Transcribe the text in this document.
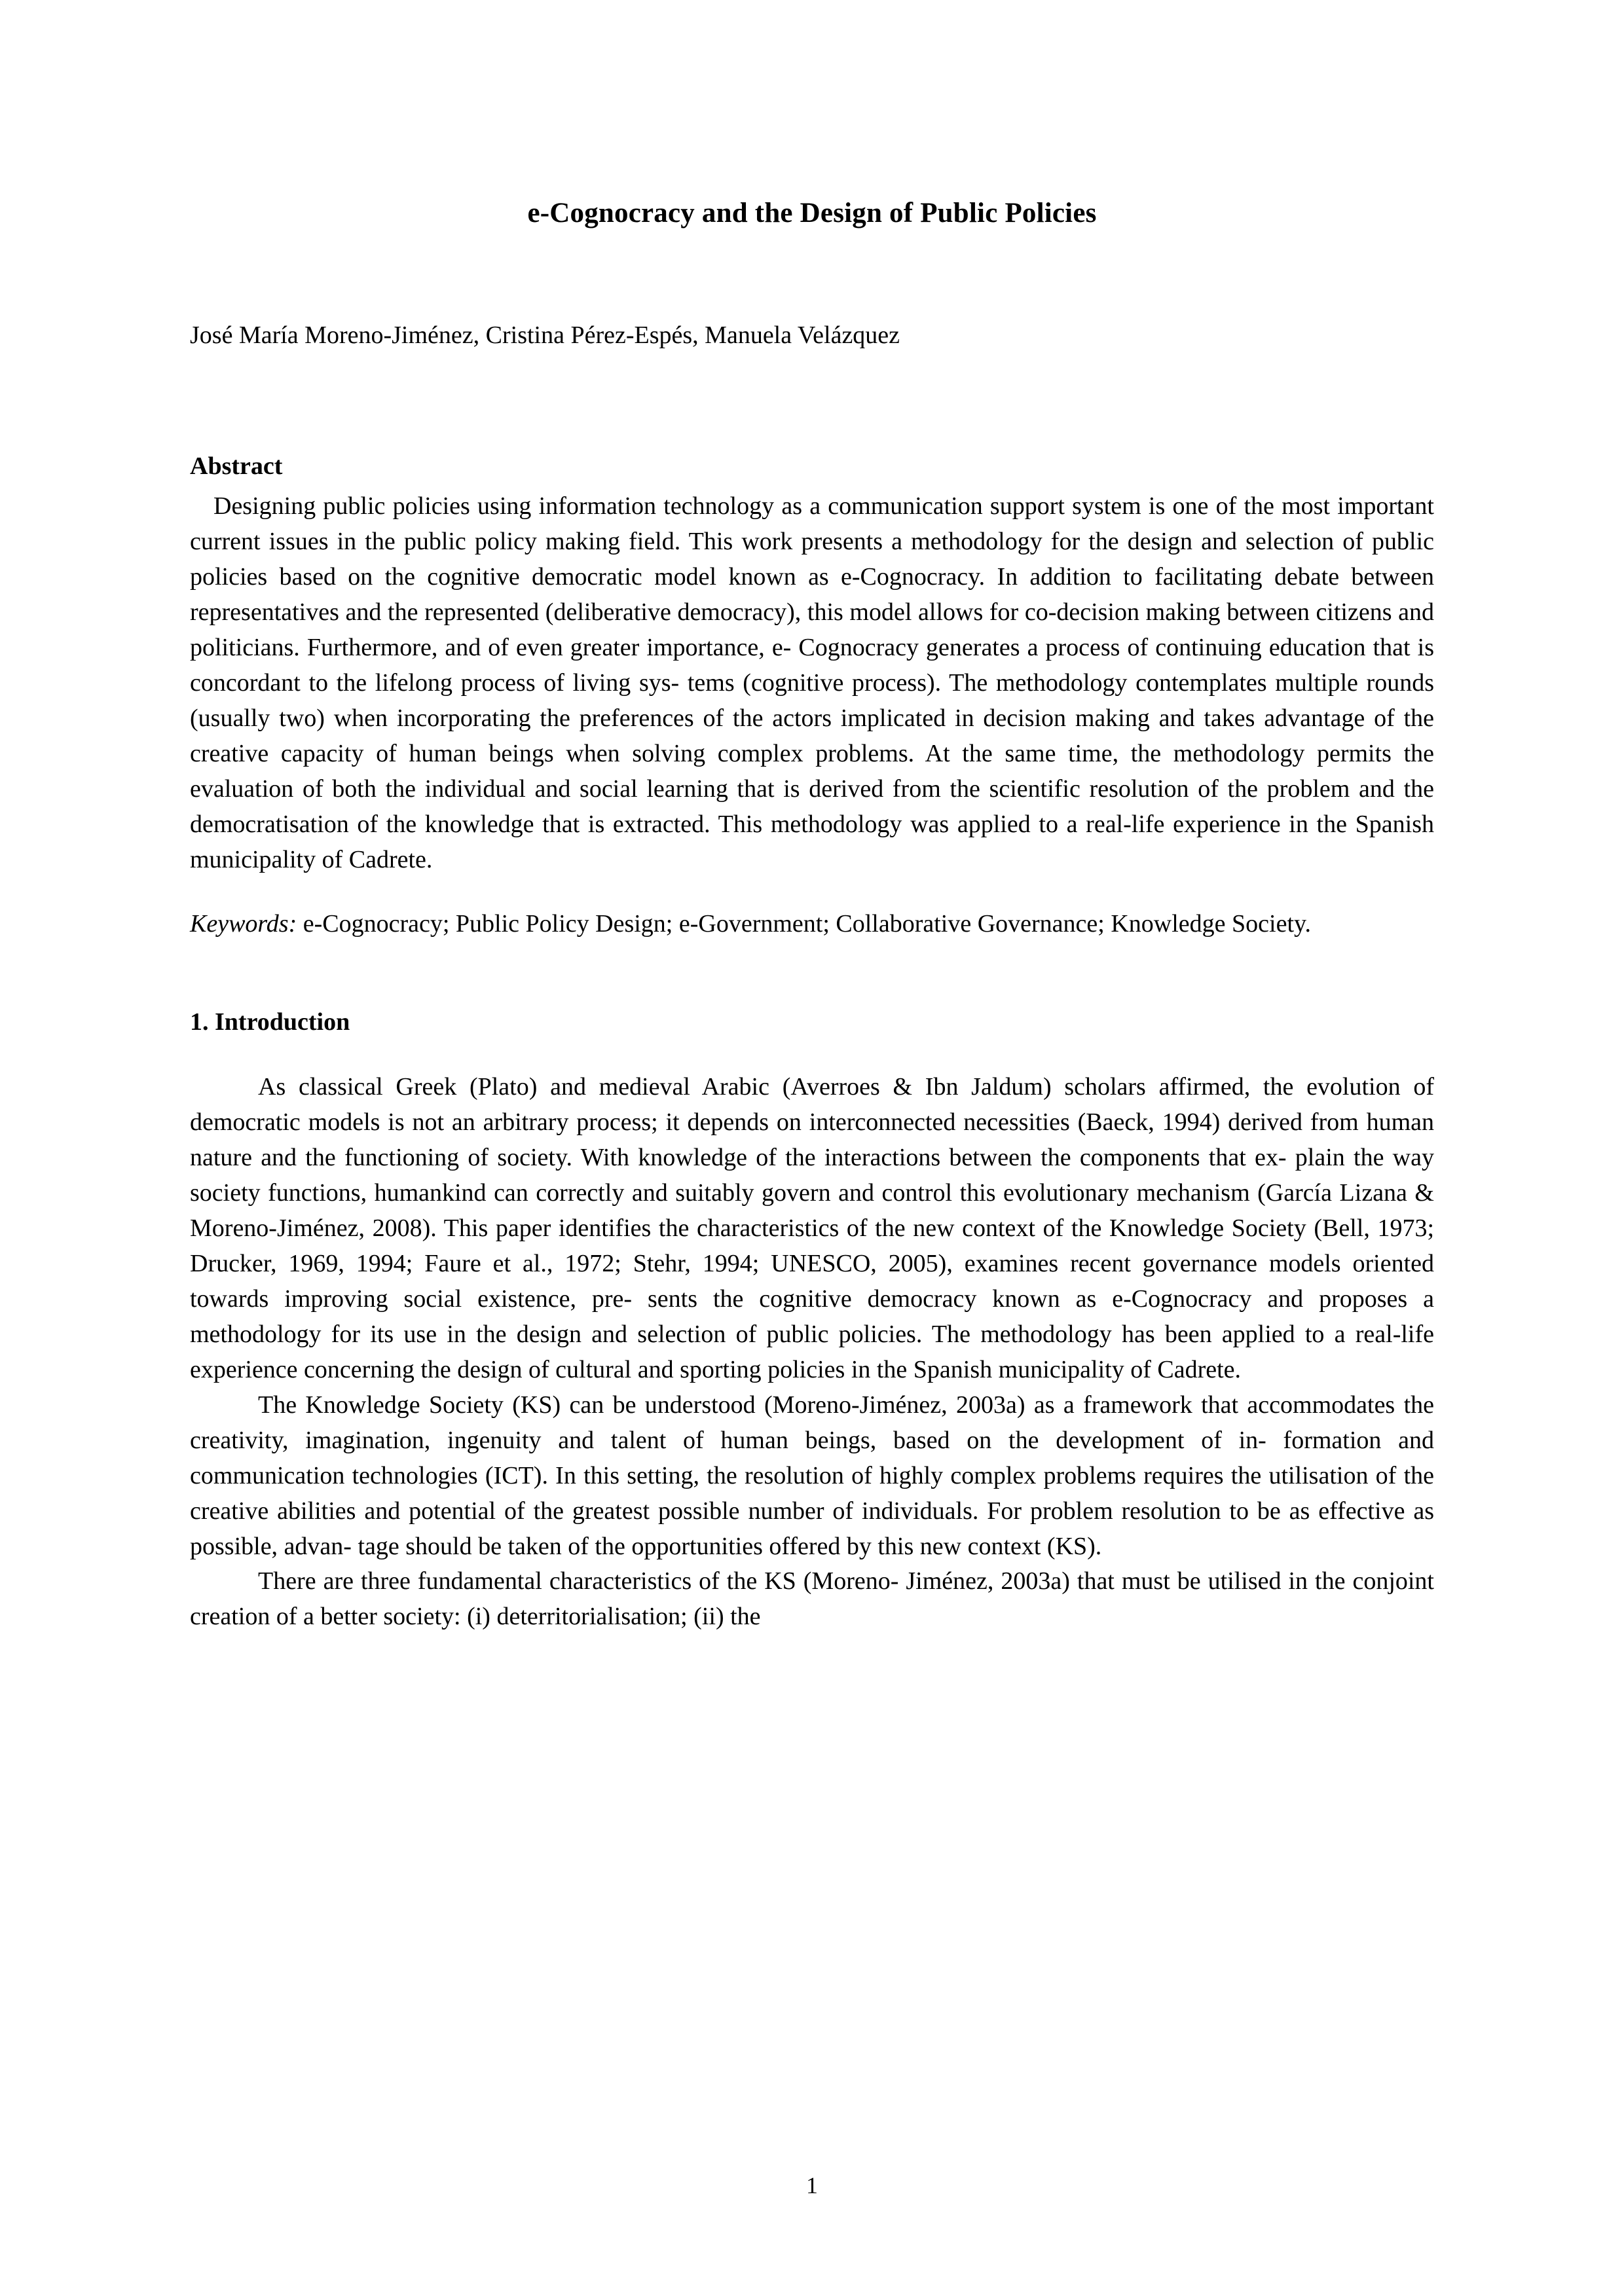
e-Cognocracy and the Design of Public Policies
José María Moreno-Jiménez, Cristina Pérez-Espés, Manuela Velázquez
Abstract
Designing public policies using information technology as a communication support system is one of the most important current issues in the public policy making field. This work presents a methodology for the design and selection of public policies based on the cognitive democratic model known as e-Cognocracy. In addition to facilitating debate between representatives and the represented (deliberative democracy), this model allows for co-decision making between citizens and politicians. Furthermore, and of even greater importance, e- Cognocracy generates a process of continuing education that is concordant to the lifelong process of living sys- tems (cognitive process). The methodology contemplates multiple rounds (usually two) when incorporating the preferences of the actors implicated in decision making and takes advantage of the creative capacity of human beings when solving complex problems. At the same time, the methodology permits the evaluation of both the individual and social learning that is derived from the scientific resolution of the problem and the democratisation of the knowledge that is extracted. This methodology was applied to a real-life experience in the Spanish municipality of Cadrete.
Keywords: e-Cognocracy; Public Policy Design; e-Government; Collaborative Governance; Knowledge Society.
1. Introduction

As classical Greek (Plato) and medieval Arabic (Averroes & Ibn Jaldum) scholars affirmed, the evolution of democratic models is not an arbitrary process; it depends on interconnected necessities (Baeck, 1994) derived from human nature and the functioning of society. With knowledge of the interactions between the components that ex- plain the way society functions, humankind can correctly and suitably govern and control this evolutionary mechanism (García Lizana & Moreno-Jiménez, 2008). This paper identifies the characteristics of the new context of the Knowledge Society (Bell, 1973; Drucker, 1969, 1994; Faure et al., 1972; Stehr, 1994; UNESCO, 2005), examines recent governance models oriented towards improving social existence, pre- sents the cognitive democracy known as e-Cognocracy and proposes a methodology for its use in the design and selection of public policies. The methodology has been applied to a real-life experience concerning the design of cultural and sporting policies in the Spanish municipality of Cadrete.

The Knowledge Society (KS) can be understood (Moreno-Jiménez, 2003a) as a framework that accommodates the creativity, imagination, ingenuity and talent of human beings, based on the development of in- formation and communication technologies (ICT). In this setting, the resolution of highly complex problems requires the utilisation of the creative abilities and potential of the greatest possible number of individuals. For problem resolution to be as effective as possible, advan- tage should be taken of the opportunities offered by this new context (KS).

There are three fundamental characteristics of the KS (Moreno- Jiménez, 2003a) that must be utilised in the conjoint creation of a better society: (i) deterritorialisation; (ii) the

1
